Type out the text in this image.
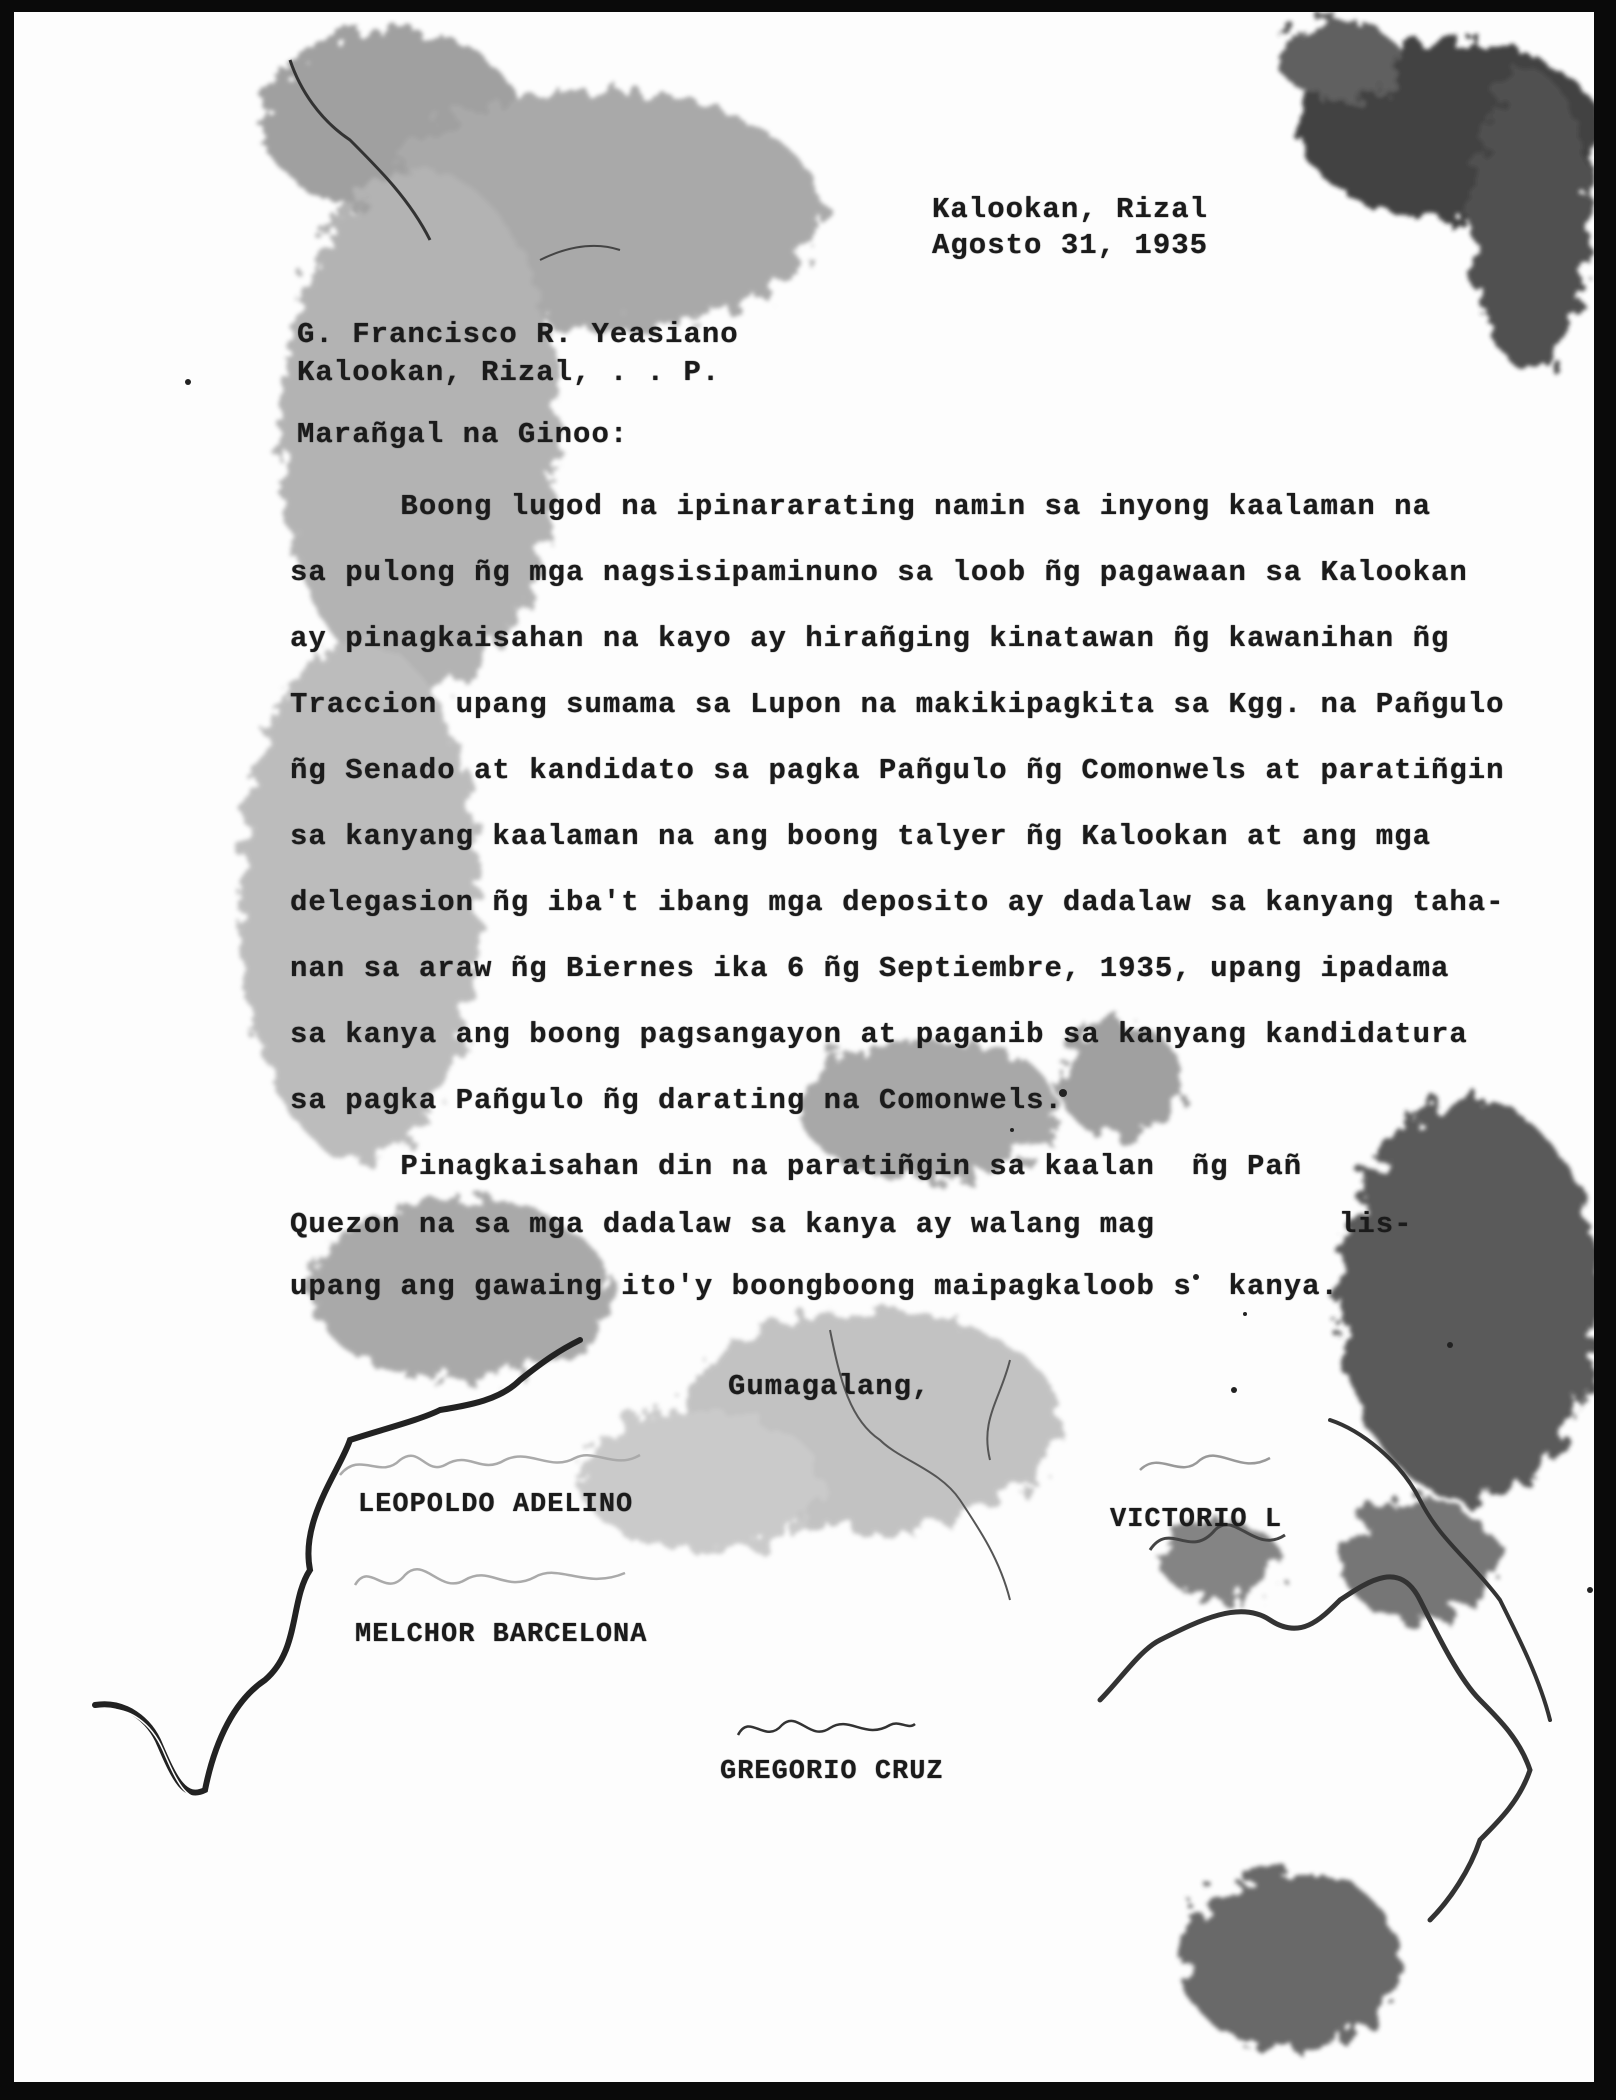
Kalookan, Rizal
Agosto 31, 1935
G. Francisco R. Yeasiano
Kalookan, Rizal, . . P.
Marañgal na Ginoo:
Boong lugod na ipinararating namin sa inyong kaalaman na
sa pulong ñg mga nagsisipaminuno sa loob ñg pagawaan sa Kalookan
ay pinagkaisahan na kayo ay hirañging kinatawan ñg kawanihan ñg
Traccion upang sumama sa Lupon na makikipagkita sa Kgg. na Pañgulo
ñg Senado at kandidato sa pagka Pañgulo ñg Comonwels at paratiñgin
sa kanyang kaalaman na ang boong talyer ñg Kalookan at ang mga
delegasion ñg iba't ibang mga deposito ay dadalaw sa kanyang taha-
nan sa araw ñg Biernes ika 6 ñg Septiembre, 1935, upang ipadama
sa kanya ang boong pagsangayon at paganib sa kanyang kandidatura
sa pagka Pañgulo ñg darating na Comonwels.
Pinagkaisahan din na paratiñgin sa kaalan  ñg Pañ
Quezon na sa mga dadalaw sa kanya ay walang mag          lis-
upang ang gawaing ito'y boongboong maipagkaloob s  kanya.
Gumagalang,
LEOPOLDO ADELINO
MELCHOR BARCELONA
GREGORIO CRUZ
VICTORIO L
